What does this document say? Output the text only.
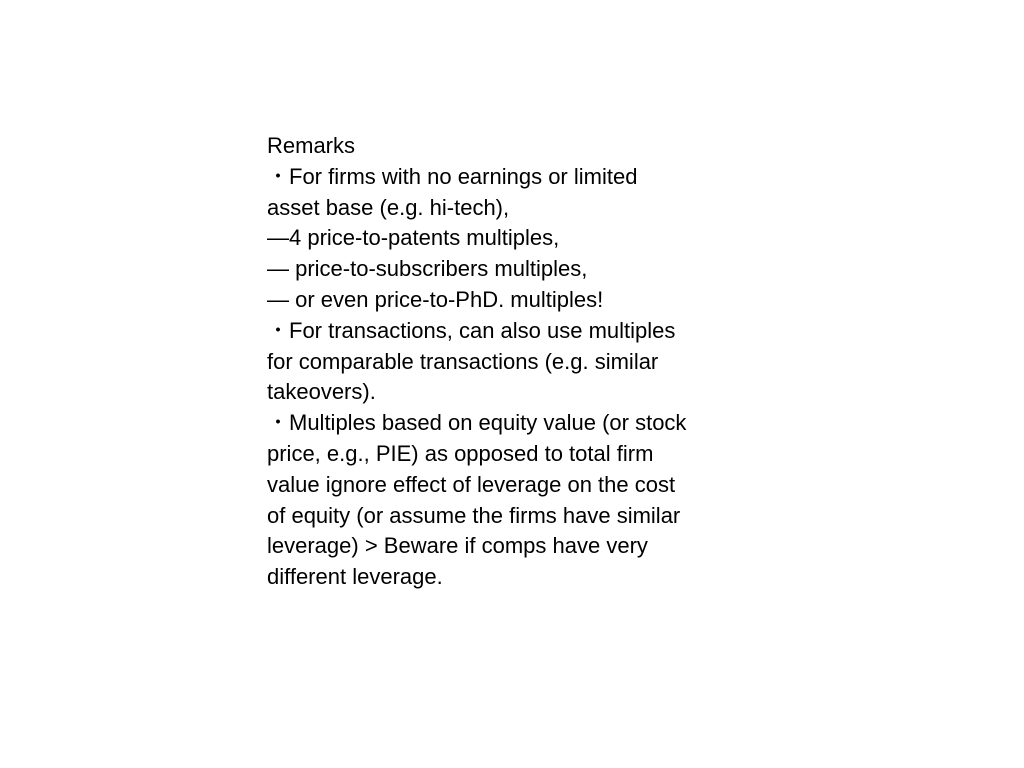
Remarks
・For firms with no earnings or limited
asset base (e.g. hi-tech),
—4 price-to-patents multiples,
— price-to-subscribers multiples,
— or even price-to-PhD. multiples!
・For transactions, can also use multiples
for comparable transactions (e.g. similar
takeovers).
・Multiples based on equity value (or stock
price, e.g., PIE) as opposed to total firm
value ignore effect of leverage on the cost
of equity (or assume the firms have similar
leverage) > Beware if comps have very
different leverage.
